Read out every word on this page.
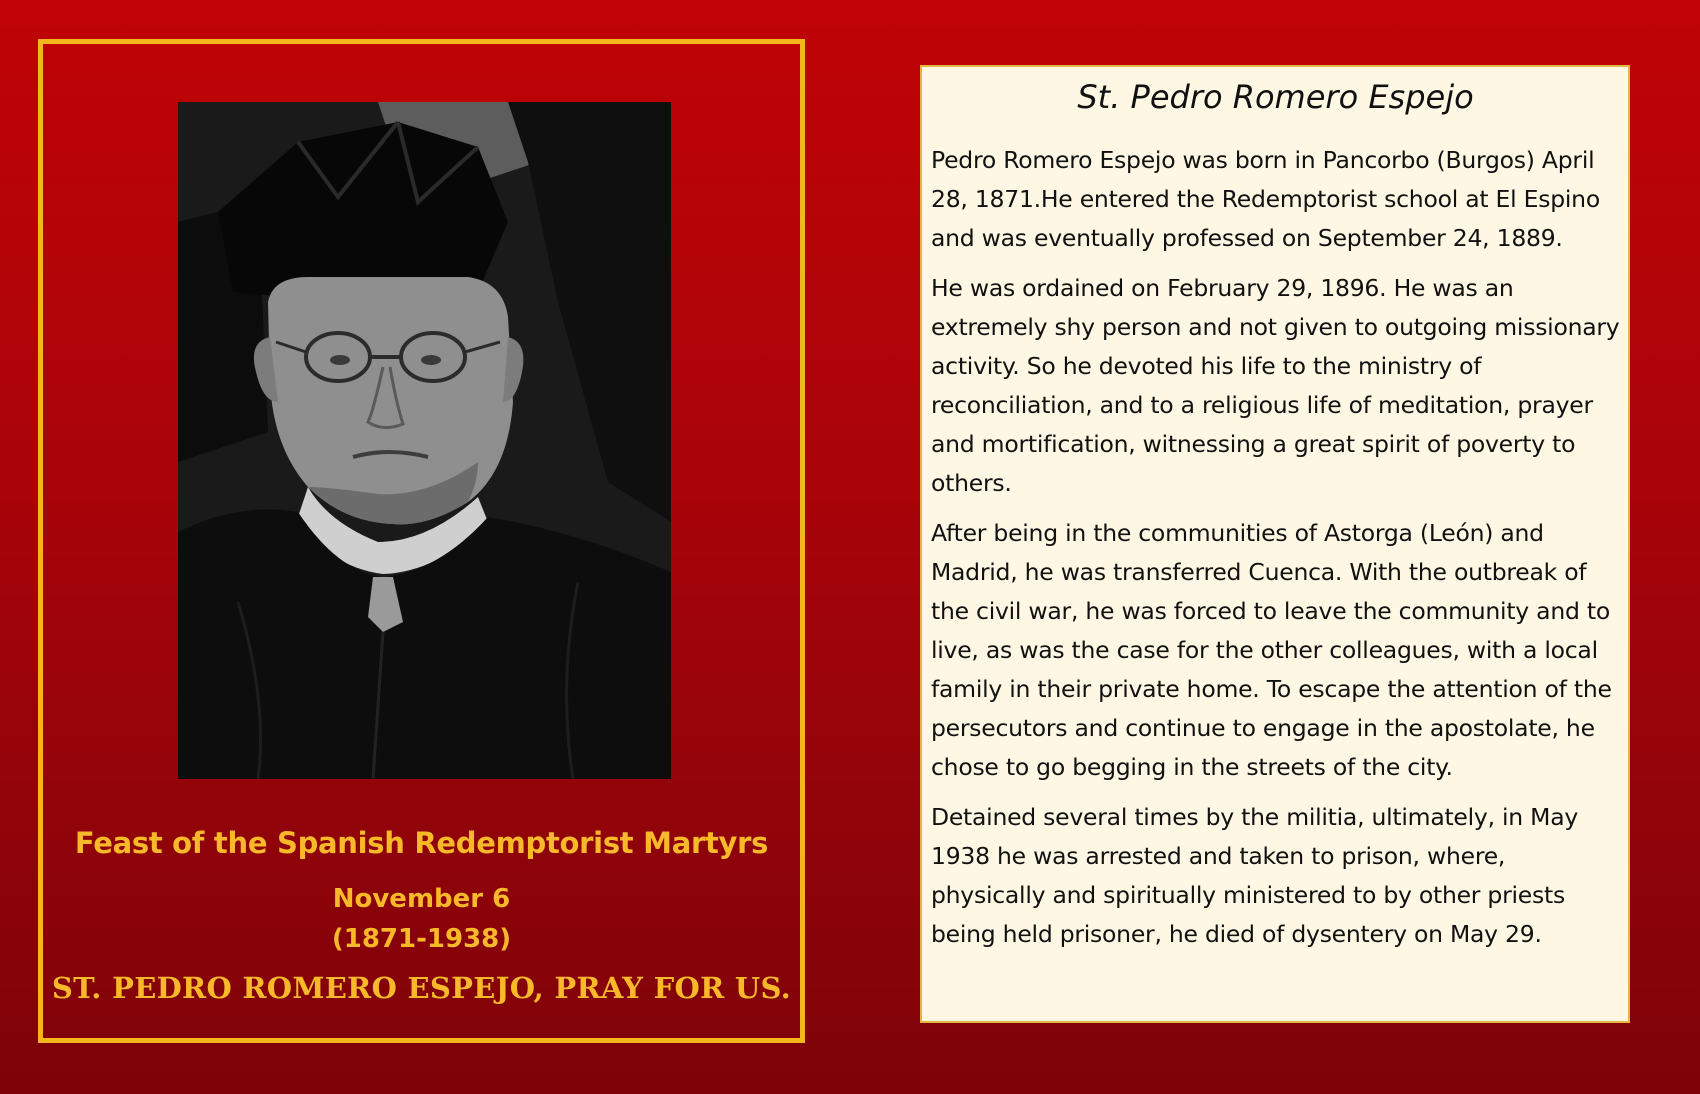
Feast of the Spanish Redemptorist Martyrs
November 6
(1871-1938)
ST. PEDRO ROMERO ESPEJO, PRAY FOR US.
St. Pedro Romero Espejo

Pedro Romero Espejo was born in Pancorbo (Burgos) April 28, 1871.He entered the Redemptorist school at El Espino and was eventually professed on September 24, 1889.

He was ordained on February 29, 1896. He was an extremely shy person and not given to outgoing missionary activity. So he devoted his life to the ministry of reconciliation, and to a religious life of meditation, prayer and mortification, witnessing a great spirit of poverty to others.

After being in the communities of Astorga (León) and Madrid, he was transferred Cuenca. With the outbreak of the civil war, he was forced to leave the community and to live, as was the case for the other colleagues, with a local family in their private home. To escape the attention of the persecutors and continue to engage in the apostolate, he chose to go begging in the streets of the city.

Detained several times by the militia, ultimately, in May 1938 he was arrested and taken to prison, where, physically and spiritually ministered to by other priests being held prisoner, he died of dysentery on May 29.
